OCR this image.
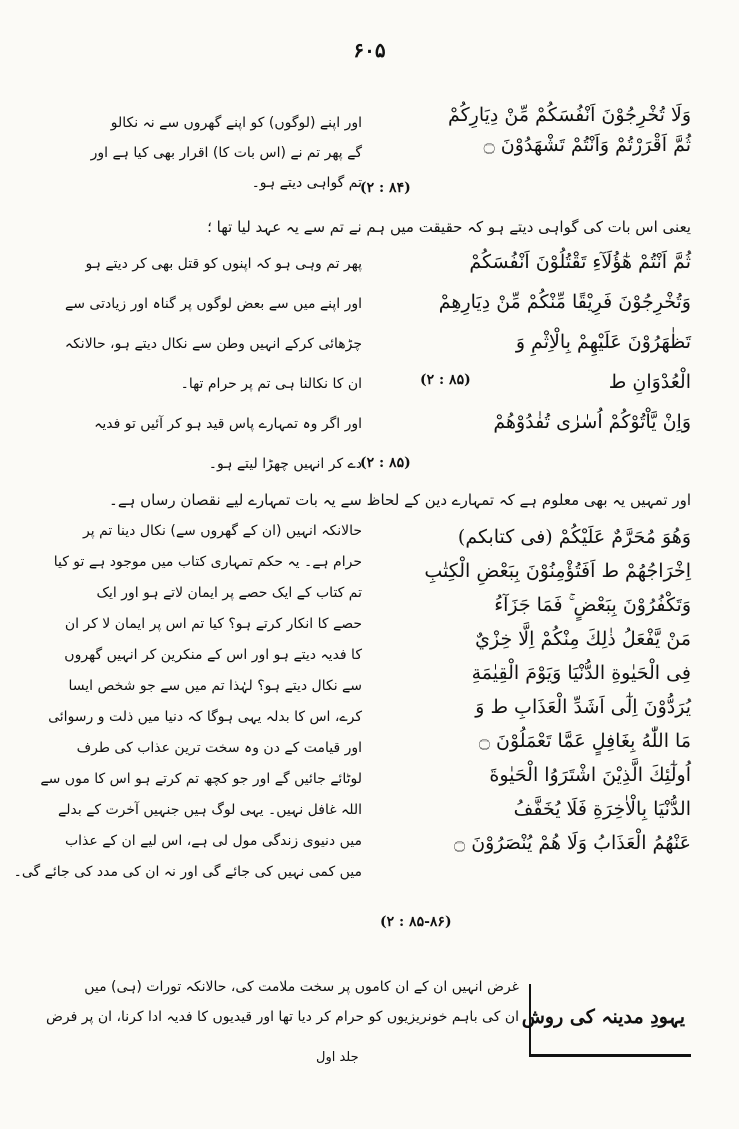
۶۰۵
وَلَا تُخْرِجُوْنَ اَنْفُسَكُمْ مِّنْ دِيَارِكُمْ
ثُمَّ اَقْرَرْتُمْ وَاَنْتُمْ تَشْهَدُوْنَ ۝
اور اپنے (لوگوں) کو اپنے گھروں سے نہ نکالو
گے پھر تم نے (اس بات کا) اقرار بھی کیا ہے اور
تم گواہی دیتے ہو۔
(۲ : ۸۴)
یعنی اس بات کی گواہی دیتے ہو کہ حقیقت میں ہم نے تم سے یہ عہد لیا تھا ؛
ثُمَّ اَنْتُمْ هٰٓؤُلَآءِ تَقْتُلُوْنَ اَنْفُسَكُمْ
وَتُخْرِجُوْنَ فَرِيْقًا مِّنْكُمْ مِّنْ دِيَارِهِمْ
تَظٰهَرُوْنَ عَلَيْهِمْ بِالْاِثْمِ وَ
الْعُدْوَانِ ط
وَاِنْ يَّاْتُوْكُمْ اُسٰرٰى تُفٰدُوْهُمْ
(۲ : ۸۵)
پھر تم وہی ہو کہ اپنوں کو قتل بھی کر دیتے ہو
اور اپنے میں سے بعض لوگوں پر گناہ اور زیادتی سے
چڑھائی کرکے انہیں وطن سے نکال دیتے ہو، حالانکہ
ان کا نکالنا ہی تم پر حرام تھا۔
اور اگر وہ تمہارے پاس قید ہو کر آئیں تو فدیہ
دے کر انہیں چھڑا لیتے ہو۔
(۲ : ۸۵)
اور تمہیں یہ بھی معلوم ہے کہ تمہارے دین کے لحاظ سے یہ بات تمہارے لیے نقصان رساں ہے۔
وَهُوَ مُحَرَّمٌ عَلَيْكُمْ (فی کتابکم)
اِخْرَاجُهُمْ ط اَفَتُؤْمِنُوْنَ بِبَعْضِ الْكِتٰبِ
وَتَكْفُرُوْنَ بِبَعْضٍ ۚ فَمَا جَزَآءُ
مَنْ يَّفْعَلُ ذٰلِكَ مِنْكُمْ اِلَّا خِزْيٌ
فِى الْحَيٰوةِ الدُّنْيَا وَيَوْمَ الْقِيٰمَةِ
يُرَدُّوْنَ اِلٰٓى اَشَدِّ الْعَذَابِ ط وَ
مَا اللّٰهُ بِغَافِلٍ عَمَّا تَعْمَلُوْنَ ۝
اُولٰٓئِكَ الَّذِيْنَ اشْتَرَوُا الْحَيٰوةَ
الدُّنْيَا بِالْاٰخِرَةِ فَلَا يُخَفَّفُ
عَنْهُمُ الْعَذَابُ وَلَا هُمْ يُنْصَرُوْنَ ۝
حالانکہ انہیں (ان کے گھروں سے) نکال دینا تم پر
حرام ہے۔ یہ حکم تمہاری کتاب میں موجود ہے تو کیا
تم کتاب کے ایک حصے پر ایمان لاتے ہو اور ایک
حصے کا انکار کرتے ہو؟ کیا تم اس پر ایمان لا کر ان
کا فدیہ دیتے ہو اور اس کے منکرین کر انہیں گھروں
سے نکال دیتے ہو؟ لہٰذا تم میں سے جو شخص ایسا
کرے، اس کا بدلہ یہی ہوگا کہ دنیا میں ذلت و رسوائی
اور قیامت کے دن وہ سخت ترین عذاب کی طرف
لوٹائے جائیں گے اور جو کچھ تم کرتے ہو اس کا موں سے
اللہ غافل نہیں۔ یہی لوگ ہیں جنہیں آخرت کے بدلے
میں دنیوی زندگی مول لی ہے، اس لیے ان کے عذاب
میں کمی نہیں کی جائے گی اور نہ ان کی مدد کی جائے گی۔
(۲ : ۸۵-۸۶)
یہودِ مدینہ کی روش
غرض انہیں ان کے ان کاموں پر سخت ملامت کی، حالانکہ تورات (ہی) میں
ان کی باہم خونریزیوں کو حرام کر دیا تھا اور قیدیوں کا فدیہ ادا کرنا، ان پر فرض
جلد اول
